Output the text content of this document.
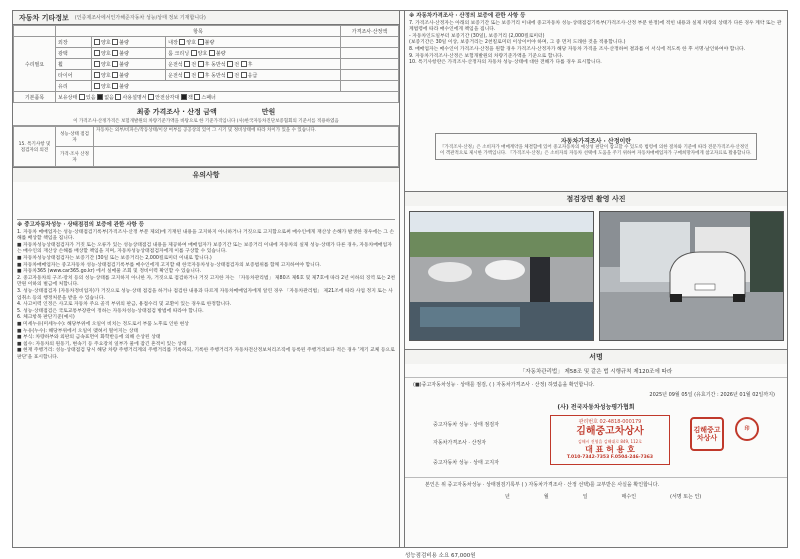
자동차 기타정보 (인증제조사에서인가해준자동차 성능/상태 정보 기재합니다)
	항목			가격조사·산정액
수리필요	외장	양호 불량	내장 양호 불량	
	광택	양호 불량	룸 크리닝 양호 불량	
	휠	양호 불량	운전석 전 후 동반석 전 후	
	타이어	양호 불량	운전석 전 후 동반석 전 응급	
	유리	양호 불량		
기본품목	보유상태 있음 없음 사용설명서 안전삼각대 잭 스패너			
최종 가격조사 · 산정 금액	만원
이 가격조사·산정가격은 보험개발원의 차량기준가액을 바탕으로 한 기준가격입니다 (사)한국자동차진단보증협회의 기준서를 적용하였음
15. 특기사항 및 점검자의 의견	성능·상태 점검자	자동차는 외부/비파손/작동상태/이상 여부를 공공상의 있어 그 시기 및 정비상태에 따라 차이가 있을 수 있습니다.
	가격·조사 산정자	
유의사항
※ 중고자동차성능 · 상태점검의 보증에 관한 사항 등
1. 자동차 매매업자는 성능·상태점검기록부(가격조사·산정 부분 제외)에 기재된 내용을 고지하지 아니하거나 거짓으로 고지함으로써 매수인에게 재산상 손해가 발생한 경우에는 그 손해를 배상할 책임을 집니다.
■ 자동차성능상태점검자가 거짓 또는 오류가 있는 성능상태점검 내용을 제공하여 매매업자가 보증기간 또는 보증거리 이내에 자동차의 실제 성능·상태가 다른 경우, 자동차매매업자는 매수인의 재산상 손해를 배상할 책임을 지며, 자동차성능상태점검자에게 이를 구상할 수 있습니다.
■ 자동차성능상태점검자는 보증기간 (30일 또는 보증거리는 2,000킬로미터 이내로 합니다.)
■ 자동차매매업자는 중고자동차 성능·상태점검기록부를 매수인에게 고지할 때 한국자동차성능·상태점검자의 보증범위를 함께 고지하여야 합니다.
■ 자동차365 (www.car365.go.kr) 에서 실매물 조회 및 정비이력 확인할 수 있습니다.
2. 중고자동차의 구조·장치 등의 성능·상태를 고지하지 아니한 자, 거짓으로 점검하거나 거짓 고지한 자는 「자동차관리법」 제80조 제6호 및 제7호에 따라 2년 이하의 징역 또는 2천만원 이하의 벌금에 처합니다.
3. 성능·상태점검자 (자동차정비업자)가 거짓으로 성능·상태 점검을 하거나 점검한 내용과 다르게 자동차매매업자에게 알린 경우 「자동차관리법」 제21조에 따라 사업 정지 또는 사업취소 등의 행정처분을 받을 수 있습니다.
4. 사고이력 인정은 사고로 자동차 주요 골격 부위의 판금, 용접수리 및 교환이 있는 경우로 한정합니다.
5. 성능·상태점검은 국토교통부장관이 정하는 자동차성능·상태점검 방법에 따라야 합니다.
6. 체크항목 판단기준(예시)
■ 미세누유(미세누수): 해당부위에 오일이 비치는 정도로서 부품 노후로 인한 현상
■ 누유(누수): 해당부위에서 오일이 맺혀서 떨어지는 상태
■ 부식: 차량하부와 외판의 금속표면이 화학반응에 의해 손상된 상태
■ 침수: 자동차의 원동기, 변속기 등 주요장치 일부가 물에 잠긴 흔적이 있는 상태
■ 현재 주행거리: 성능·상태점검 당시 해당 차량 주행거리계의 주행거리를 기록하되, 기록한 주행거리가 자동차전산정보처리조직에 등록된 주행거리보다 적은 경우 '계기 교체 등으로 판단'을 표시합니다.
※ 자동차가격조사 · 산정의 보증에 관한 사항 등
7. 가격조사·산정자는 아래의 보증기간 또는 보증거리 이내에 중고자동차 성능·상태점검기록부(가격조사·산정 부분 한정)에 적힌 내용과 실제 차량의 상태가 다른 경우 계약 또는 관계법령에 따라 매수인에게 책임을 집니다.
- 자동차인도일부터 보증기간 (30일), 보증거리 (2,000킬로미터)
(보증기간은 30일 이상, 보증거리는 2천킬로미터 이상이어야 하며, 그 중 먼저 도래한 것을 적용합니다.)
8. 매매업자는 매수인이 가격조사·산정을 원할 경우 가격조사·산정자가 해당 자동차 가격을 조사·산정하여 결과를 이 서식에 적도록 한 후 서명·날인하여야 합니다.
9. 자동차가격조사·산정은 보험개발원의 차량기준가액을 기준으로 합니다.
10. 특기사항란은 가격조사·산정자의 자동차 성능·상태에 대한 전해가 다를 경우 표시합니다.
자동차가격조사 · 산정이란
『가격조사·산정』은 소비자가 매매계약을 체결함에 있어 중고자동차의 예상성 판단이 참고할 수 있도록 법령에 의한 절차와 기준에 따라 전문가격조사·산정인이 객관적으로 제시한 가액입니다. 『가격조사·산정』은 소비자의 자동차 선택에 도움을 주기 위하여 자동차매매업자가 구매희망자에게 참고자료로 활용합니다.
점검장면 촬영 사진
서명
「자동차관리법」 제58조 및 같은 법 시행규칙 제120조에 따라
(■)중고자동차성능 · 상태를 점검, ( ) 자동차가격조사 · 산정) 하였음을 확인합니다.
2025년 09월 05일 (유효기간 : 2026년 01월 02일까지)
(사) 전국자동차성능평가협회
중고자동차 성능 · 상태 점검자
자동차가격조사 · 산정자
중고자동차 성능 · 상태 고지자
관리번호 02-4818-000179
김해중고차상사
김해시 진영읍 김해대로 849, 112호
대 표 허 용 호
T.010-7342-7353 F.0504-246-7363
김해중고차상사
印
본인은 위 중고자동차성능 · 상태점검기록부 ( ) 자동차가격조사 · 산정 선택)를 교부받은 사실을 확인합니다.
년	월	일	매수인	(서명 또는 인)
성능점검비용 소요 67,000원
